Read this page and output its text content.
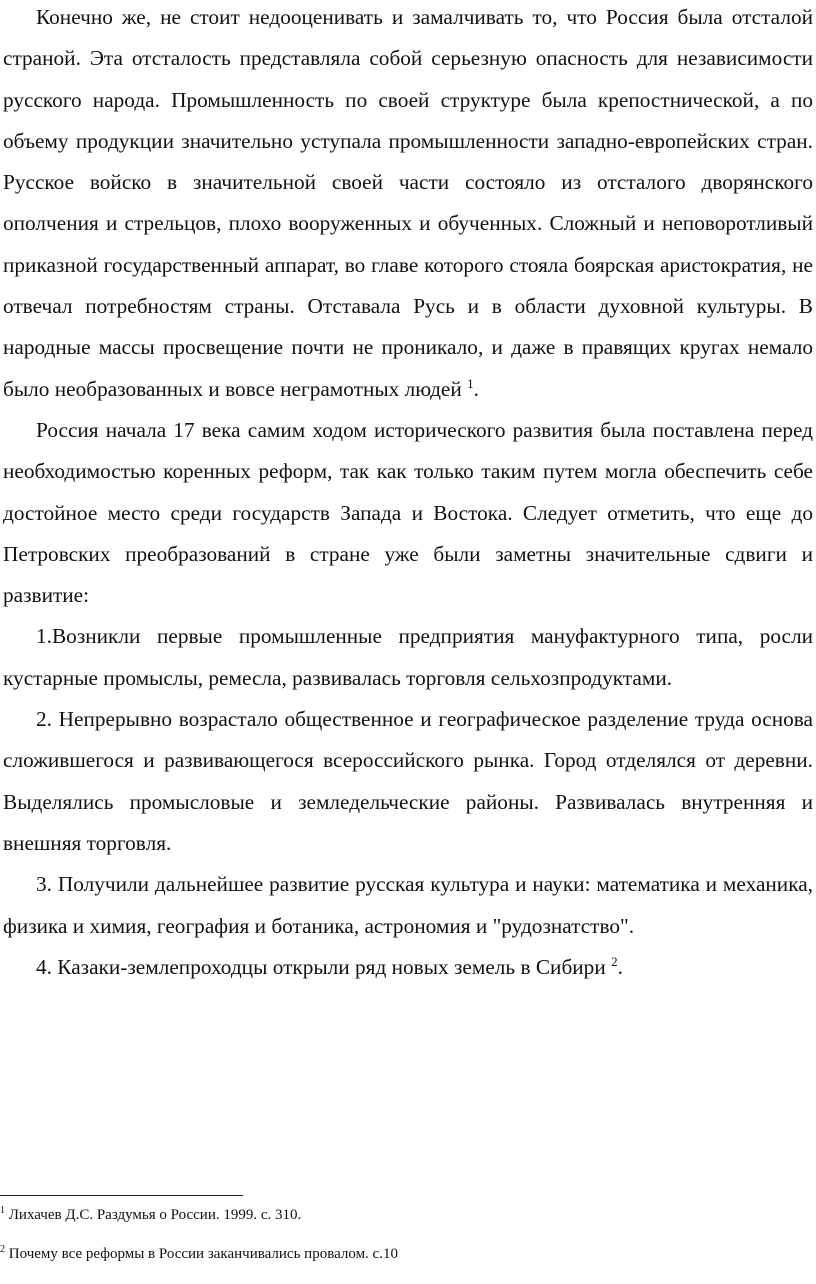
Конечно же, не стоит недооценивать и замалчивать то, что Россия была отсталой страной. Эта отсталость представляла собой серьезную опасность для независимости русского народа. Промышленность по своей структуре была крепостнической, а по объему продукции значительно уступала промышленности западно-европейских стран. Русское войско в значительной своей части состояло из отсталого дворянского ополчения и стрельцов, плохо вооруженных и обученных. Сложный и неповоротливый приказной государственный аппарат, во главе которого стояла боярская аристократия, не отвечал потребностям страны. Отставала Русь и в области духовной культуры. В народные массы просвещение почти не проникало, и даже в правящих кругах немало было необразованных и вовсе неграмотных людей $^1$.

Россия начала 17 века самим ходом исторического развития была поставлена перед необходимостью коренных реформ, так как только таким путем могла обеспечить себе достойное место среди государств Запада и Востока. Следует отметить, что еще до Петровских преобразований в стране уже были заметны значительные сдвиги и развитие:

1.Возникли первые промышленные предприятия мануфактурного типа, росли кустарные промыслы, ремесла, развивалась торговля сельхозпродуктами.

2. Непрерывно возрастало общественное и географическое разделение труда основа сложившегося и развивающегося всероссийского рынка. Город отделялся от деревни. Выделялись промысловые и земледельческие районы. Развивалась внутренняя и внешняя торговля.

3. Получили дальнейшее развитие русская культура и науки: математика и механика, физика и химия, география и ботаника, астрономия и "рудознатство".

4. Казаки-землепроходцы открыли ряд новых земель в Сибири $^2$.

$^1$ Лихачев Д.С. Раздумья о России. 1999. с. 310.
$^2$ Почему все реформы в России заканчивались провалом. с.10
